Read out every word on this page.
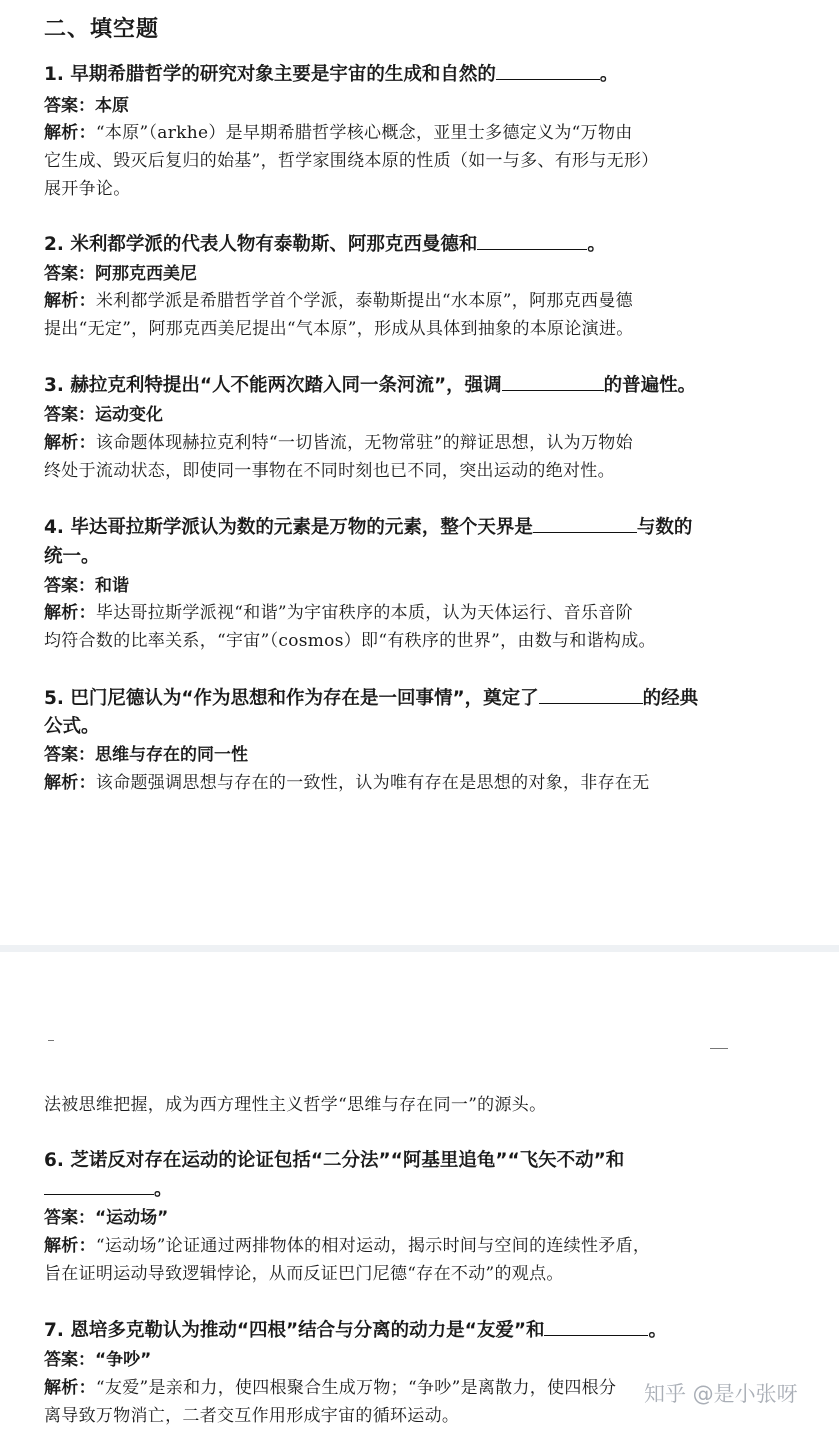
二、填空题
1. 早期希腊哲学的研究对象主要是宇宙的生成和自然的	。
答案：本原
解析：“本原”（arkhe）是早期希腊哲学核心概念，亚里士多德定义为“万物由
它生成、毁灭后复归的始基”，哲学家围绕本原的性质（如一与多、有形与无形）
展开争论。
2. 米利都学派的代表人物有泰勒斯、阿那克西曼德和	。
答案：阿那克西美尼
解析：米利都学派是希腊哲学首个学派，泰勒斯提出“水本原”，阿那克西曼德
提出“无定”，阿那克西美尼提出“气本原”，形成从具体到抽象的本原论演进。
3. 赫拉克利特提出“人不能两次踏入同一条河流”，强调	的普遍性。
答案：运动变化
解析：该命题体现赫拉克利特“一切皆流，无物常驻”的辩证思想，认为万物始
终处于流动状态，即使同一事物在不同时刻也已不同，突出运动的绝对性。
4. 毕达哥拉斯学派认为数的元素是万物的元素，整个天界是	与数的
统一。
答案：和谐
解析：毕达哥拉斯学派视“和谐”为宇宙秩序的本质，认为天体运行、音乐音阶
均符合数的比率关系，“宇宙”（cosmos）即“有秩序的世界”，由数与和谐构成。
5. 巴门尼德认为“作为思想和作为存在是一回事情”，奠定了	的经典
公式。
答案：思维与存在的同一性
解析：该命题强调思想与存在的一致性，认为唯有存在是思想的对象，非存在无
法被思维把握，成为西方理性主义哲学“思维与存在同一”的源头。
6. 芝诺反对存在运动的论证包括“二分法”“阿基里追龟”“飞矢不动”和
。
答案：“运动场”
解析：“运动场”论证通过两排物体的相对运动，揭示时间与空间的连续性矛盾，
旨在证明运动导致逻辑悖论，从而反证巴门尼德“存在不动”的观点。
7. 恩培多克勒认为推动“四根”结合与分离的动力是“友爱”和	。
答案：“争吵”
解析：“友爱”是亲和力，使四根聚合生成万物；“争吵”是离散力，使四根分
离导致万物消亡，二者交互作用形成宇宙的循环运动。
知乎 @是小张呀
